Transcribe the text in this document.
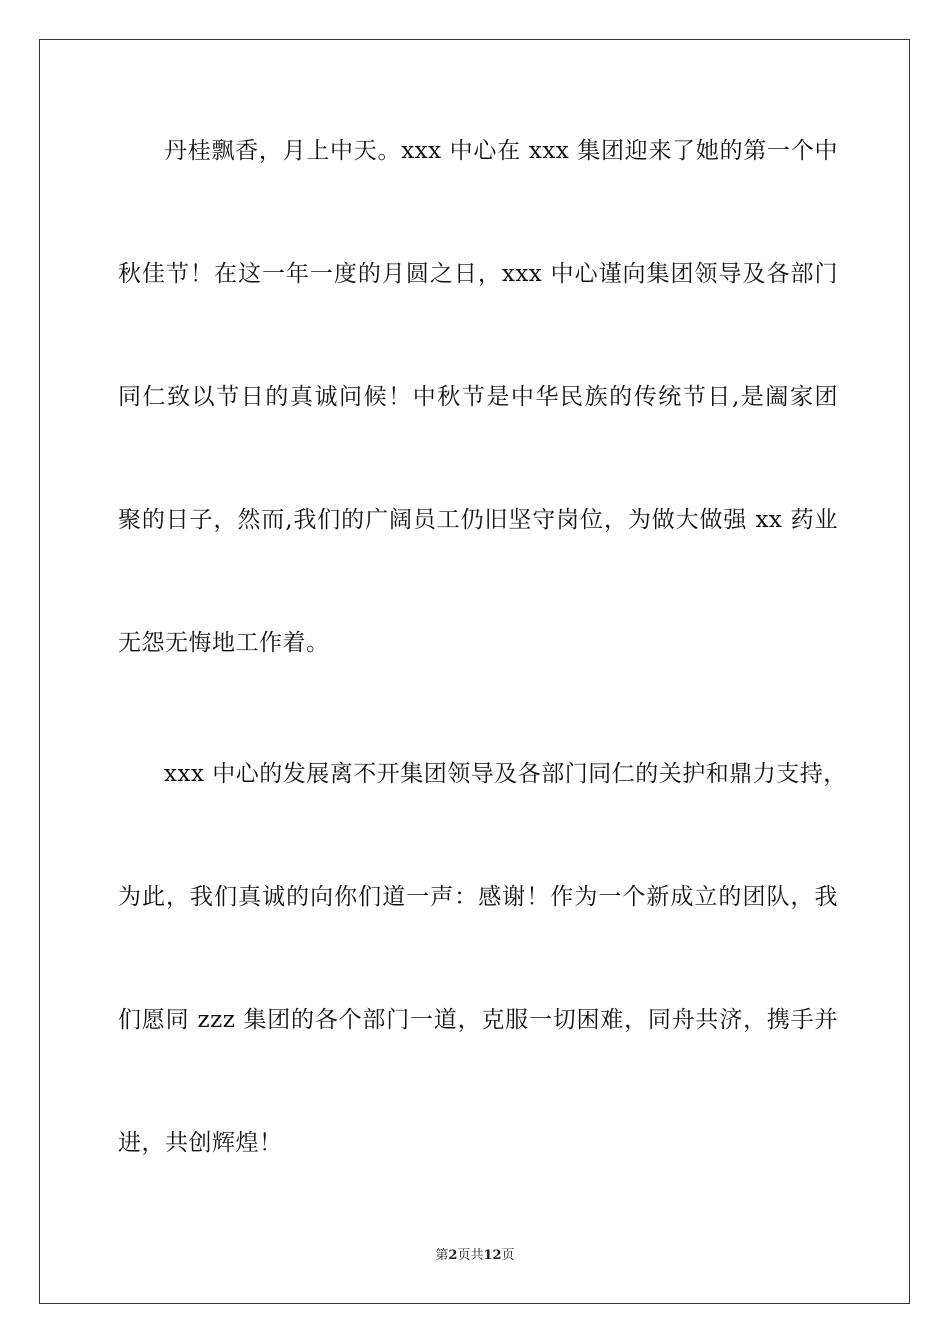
丹桂飘香，月上中天。xxx 中心在 xxx 集团迎来了她的第一个中
秋佳节！在这一年一度的月圆之日，xxx 中心谨向集团领导及各部门
同仁致以节日的真诚问候！中秋节是中华民族的传统节日,是阖家团
聚的日子，然而,我们的广阔员工仍旧坚守岗位，为做大做强 xx 药业
无怨无悔地工作着。
xxx 中心的发展离不开集团领导及各部门同仁的关护和鼎力支持，
为此，我们真诚的向你们道一声：感谢！作为一个新成立的团队，我
们愿同 zzz 集团的各个部门一道，克服一切困难，同舟共济，携手并
进，共创辉煌！
第2页共12页
